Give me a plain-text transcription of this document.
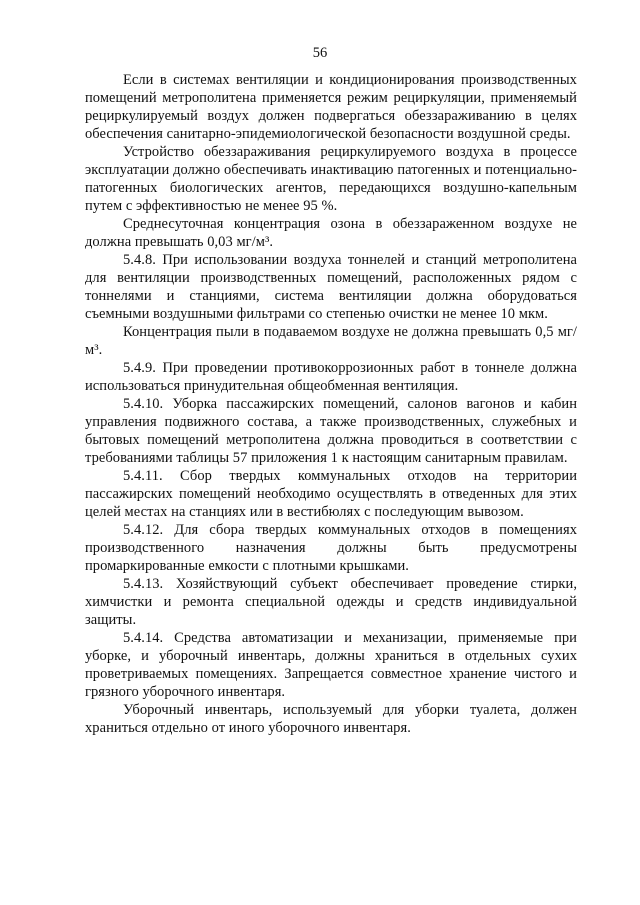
56

Если в системах вентиляции и кондиционирования производственных помещений метрополитена применяется режим рециркуляции, применяемый рециркулируемый воздух должен подвергаться обеззараживанию в целях обеспечения санитарно-эпидемиологической безопасности воздушной среды.

Устройство обеззараживания рециркулируемого воздуха в процессе эксплуатации должно обеспечивать инактивацию патогенных и потенциально-патогенных биологических агентов, передающихся воздушно-капельным путем с эффективностью не менее 95 %.

Среднесуточная концентрация озона в обеззараженном воздухе не должна превышать 0,03 мг/м³.

5.4.8. При использовании воздуха тоннелей и станций метрополитена для вентиляции производственных помещений, расположенных рядом с тоннелями и станциями, система вентиляции должна оборудоваться съемными воздушными фильтрами со степенью очистки не менее 10 мкм.

Концентрация пыли в подаваемом воздухе не должна превышать 0,5 мг/м³.

5.4.9. При проведении противокоррозионных работ в тоннеле должна использоваться принудительная общеобменная вентиляция.

5.4.10. Уборка пассажирских помещений, салонов вагонов и кабин управления подвижного состава, а также производственных, служебных и бытовых помещений метрополитена должна проводиться в соответствии с требованиями таблицы 57 приложения 1 к настоящим санитарным правилам.

5.4.11. Сбор твердых коммунальных отходов на территории пассажирских помещений необходимо осуществлять в отведенных для этих целей местах на станциях или в вестибюлях с последующим вывозом.

5.4.12. Для сбора твердых коммунальных отходов в помещениях производственного назначения должны быть предусмотрены промаркированные емкости с плотными крышками.

5.4.13. Хозяйствующий субъект обеспечивает проведение стирки, химчистки и ремонта специальной одежды и средств индивидуальной защиты.

5.4.14. Средства автоматизации и механизации, применяемые при уборке, и уборочный инвентарь, должны храниться в отдельных сухих проветриваемых помещениях. Запрещается совместное хранение чистого и грязного уборочного инвентаря.

Уборочный инвентарь, используемый для уборки туалета, должен храниться отдельно от иного уборочного инвентаря.
